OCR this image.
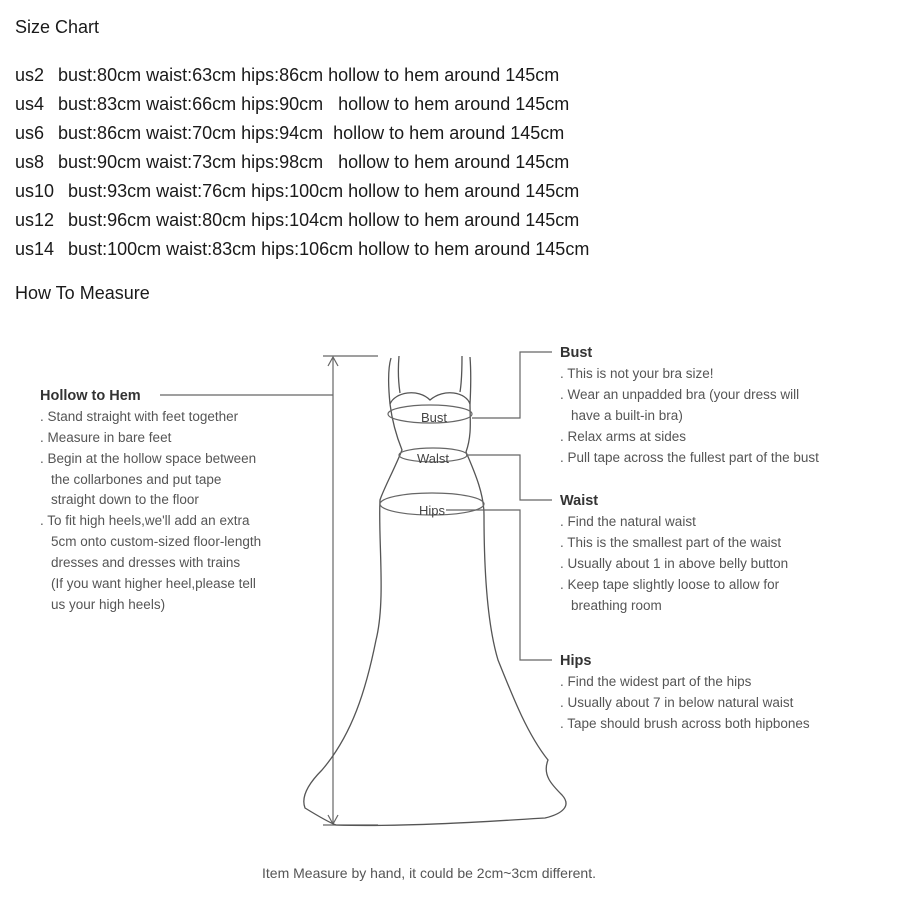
Size Chart
us2 bust:80cm waist:63cm hips:86cm hollow to hem around 145cm
us4 bust:83cm waist:66cm hips:90cm   hollow to hem around 145cm
us6 bust:86cm waist:70cm hips:94cm  hollow to hem around 145cm
us8 bust:90cm waist:73cm hips:98cm   hollow to hem around 145cm
us10 bust:93cm waist:76cm hips:100cm hollow to hem around 145cm
us12 bust:96cm waist:80cm hips:104cm hollow to hem around 145cm
us14 bust:100cm waist:83cm hips:106cm hollow to hem around 145cm
How To Measure
Bust
Walst
Hips
Hollow to Hem
. Stand straight with feet together
. Measure in bare feet
. Begin at the hollow space between
the collarbones and put tape
straight down to the floor
. To fit high heels,we'll add an extra
5cm onto custom-sized floor-length
dresses and dresses with trains
(If you want higher heel,please tell
us your high heels)
Bust
. This is not your bra size!
. Wear an unpadded bra (your dress will
have a built-in bra)
. Relax arms at sides
. Pull tape across the fullest part of the bust
Waist
. Find the natural waist
. This is the smallest part of the waist
. Usually about 1 in above belly button
. Keep tape slightly loose to allow for
breathing room
Hips
. Find the widest part of the hips
. Usually about 7 in below natural waist
. Tape should brush across both hipbones
Item Measure by hand, it could be 2cm~3cm different.
